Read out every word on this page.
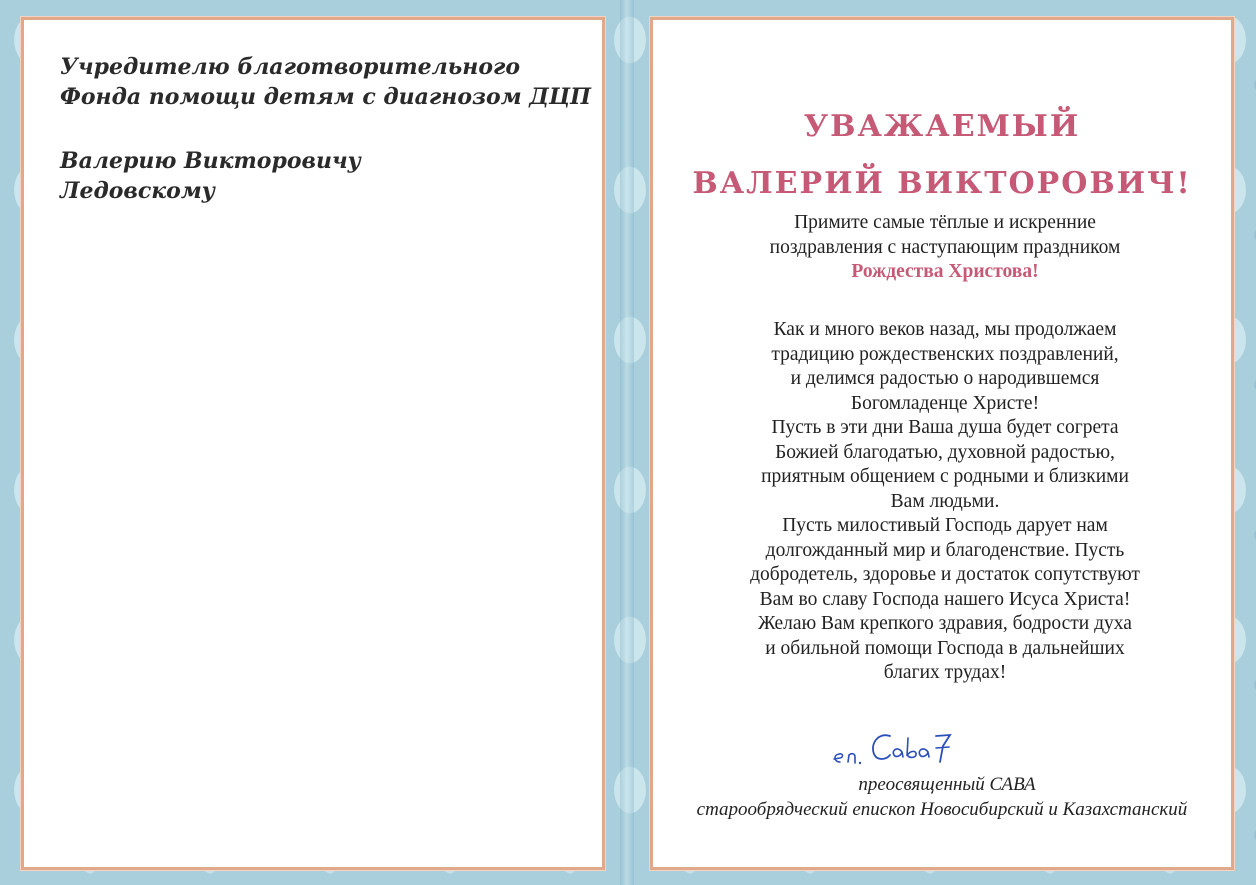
Учредителю благотворительного
Фонда помощи детям с диагнозом ДЦП
Валерию Викторовичу
Ледовскому
УВАЖАЕМЫЙ
ВАЛЕРИЙ ВИКТОРОВИЧ!
Примите самые тёплые и искренние
поздравления с наступающим праздником
Рождества Христова!
Как и много веков назад, мы продолжаем
традицию рождественских поздравлений,
и делимся радостью о народившемся
Богомладенце Христе!
Пусть в эти дни Ваша душа будет согрета
Божией благодатью, духовной радостью,
приятным общением с родными и близкими
Вам людьми.
Пусть милостивый Господь дарует нам
долгожданный мир и благоденствие. Пусть
добродетель, здоровье и достаток сопутствуют
Вам во славу Господа нашего Исуса Христа!
Желаю Вам крепкого здравия, бодрости духа
и обильной помощи Господа в дальнейших
благих трудах!
преосвященный САВА
старообрядческий епископ Новосибирский и Казахстанский
